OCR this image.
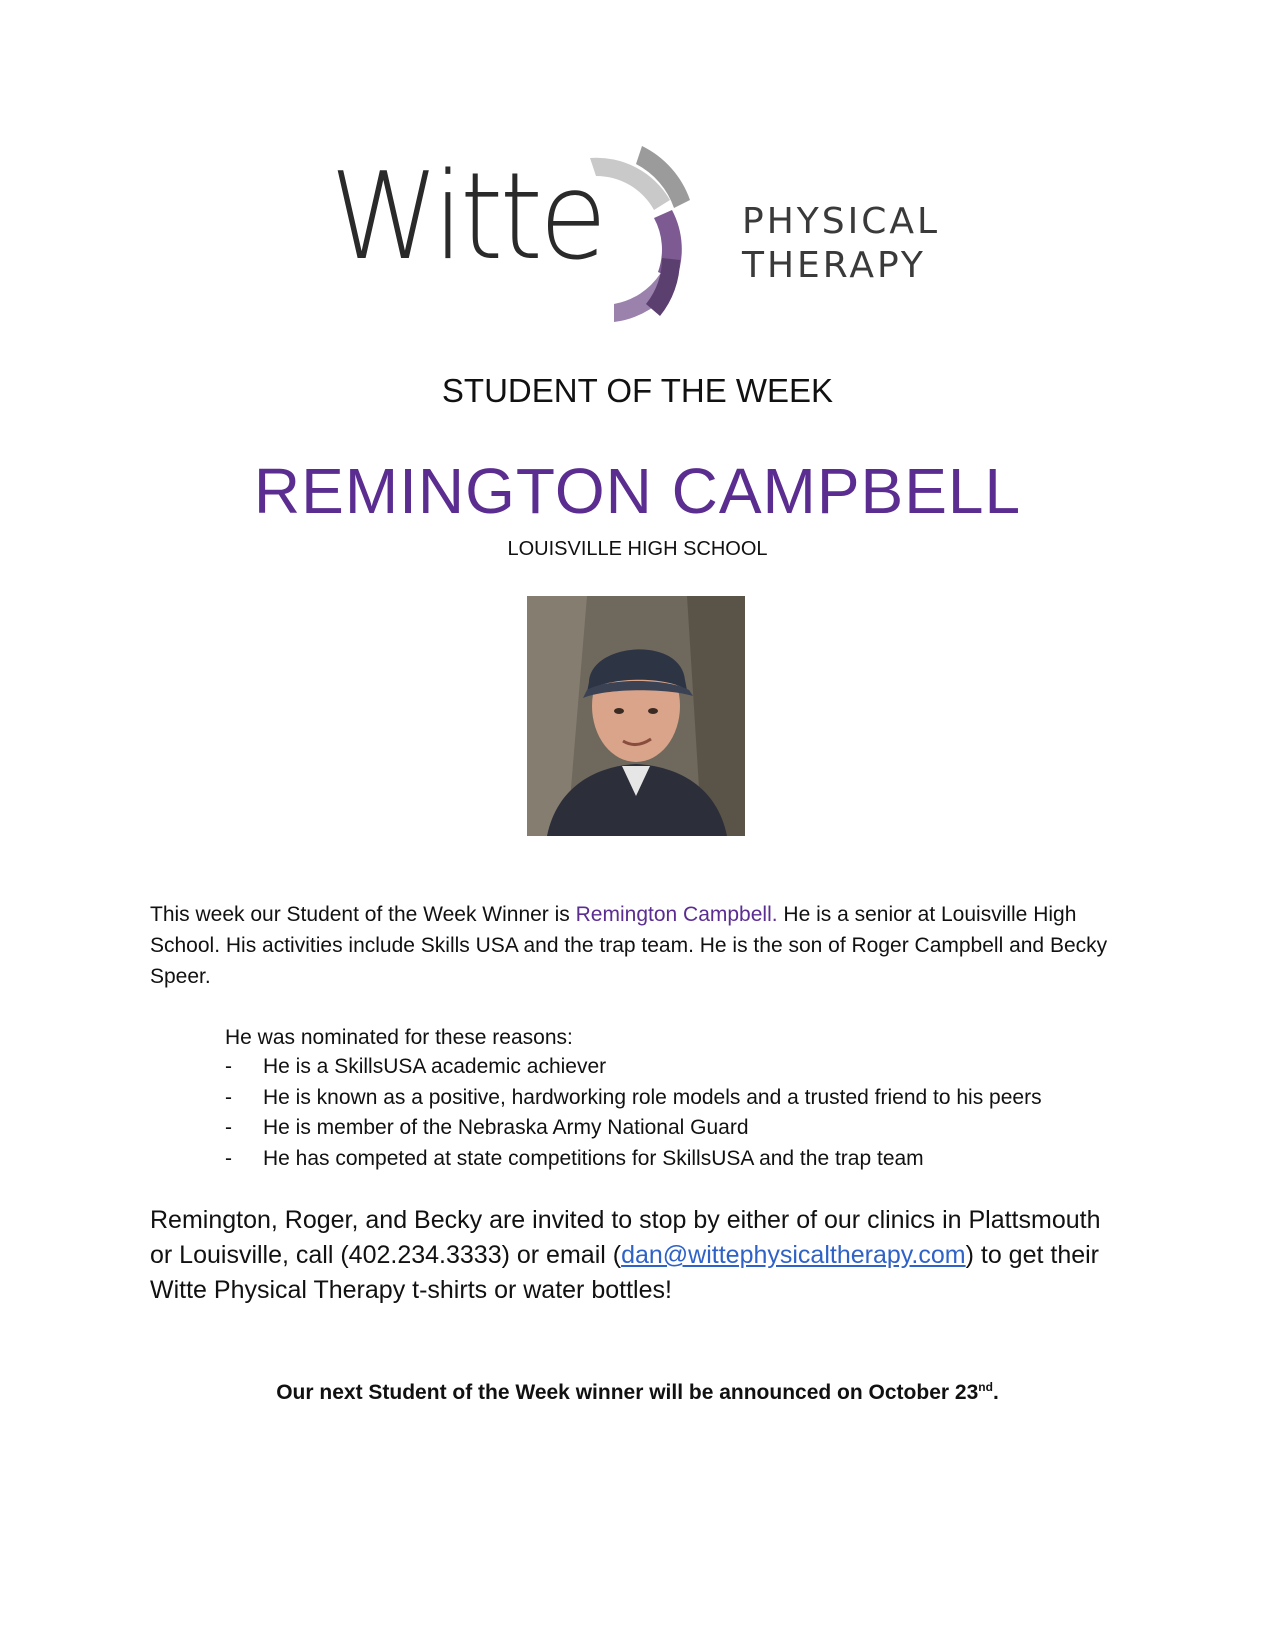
Witte	PHYSICAL
THERAPY
STUDENT OF THE WEEK
REMINGTON CAMPBELL
LOUISVILLE HIGH SCHOOL
This week our Student of the Week Winner is Remington Campbell. He is a senior at Louisville High School. His activities include Skills USA and the trap team. He is the son of Roger Campbell and Becky Speer.
He was nominated for these reasons:
- He is a SkillsUSA academic achiever
- He is known as a positive, hardworking role models and a trusted friend to his peers
- He is member of the Nebraska Army National Guard
- He has competed at state competitions for SkillsUSA and the trap team
Remington, Roger, and Becky are invited to stop by either of our clinics in Plattsmouth or Louisville, call (402.234.3333) or email (dan@wittephysicaltherapy.com) to get their Witte Physical Therapy t-shirts or water bottles!
Our next Student of the Week winner will be announced on October 23nd.
